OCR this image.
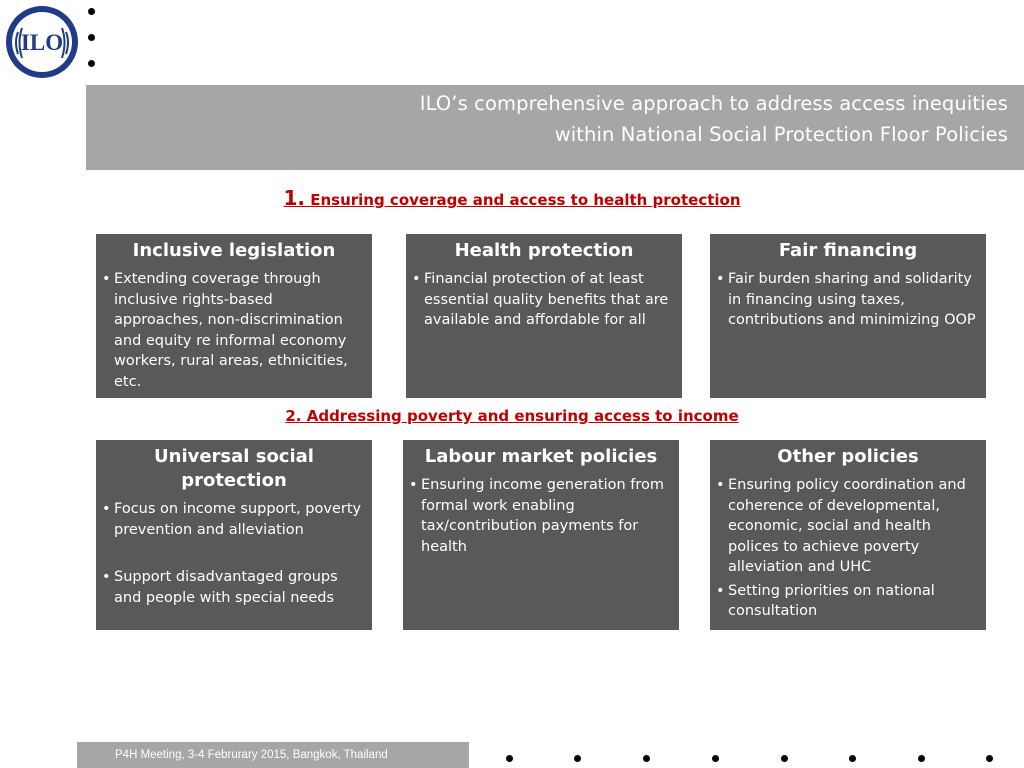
ILO
ILO’s comprehensive approach to address access inequities
within National Social Protection Floor Policies
1. Ensuring coverage and access to health protection
Inclusive legislation
• Extending coverage through inclusive rights-based approaches, non-discrimination and equity re informal economy workers, rural areas, ethnicities, etc.
Health protection
• Financial protection of at least essential quality benefits that are available and affordable for all
Fair financing
• Fair burden sharing and solidarity in financing using taxes, contributions and minimizing OOP
2. Addressing poverty and ensuring access to income
Universal social protection
• Focus on income support, poverty prevention and alleviation
• Support disadvantaged groups and people with special needs
Labour market policies
• Ensuring income generation from formal work enabling tax/contribution payments for health
Other policies
• Ensuring policy coordination and coherence of developmental, economic, social and health polices to achieve poverty alleviation and UHC
• Setting priorities on national consultation
P4H Meeting, 3-4 Februrary 2015, Bangkok, Thailand
